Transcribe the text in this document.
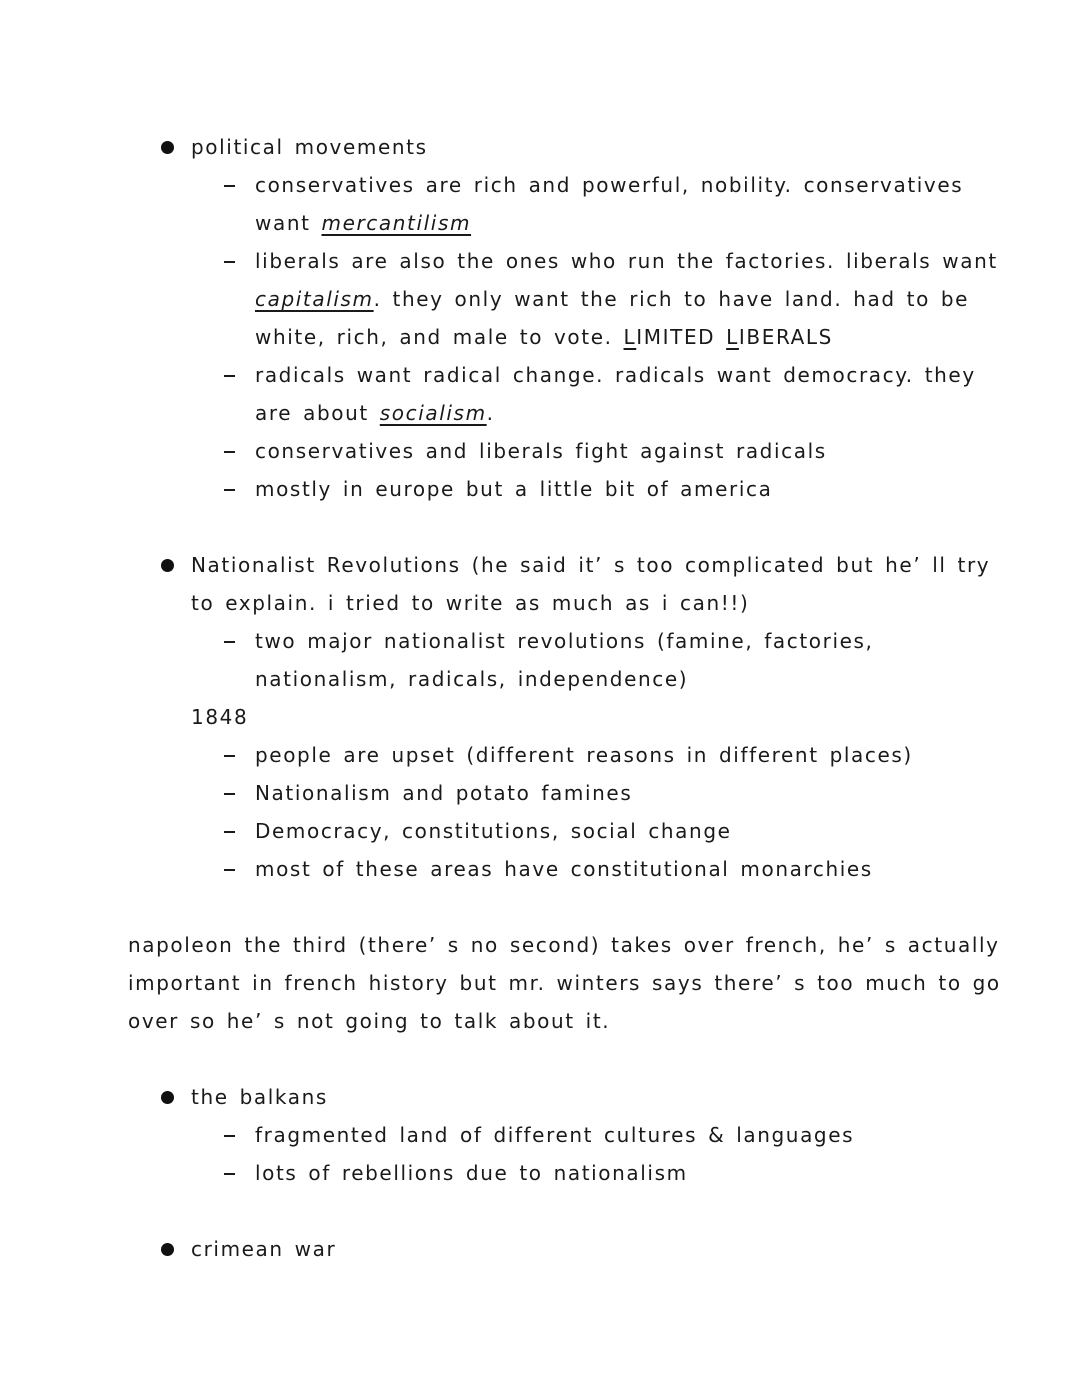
political movements
conservatives are rich and powerful, nobility. conservatives
want mercantilism
liberals are also the ones who run the factories. liberals want
capitalism. they only want the rich to have land. had to be
white, rich, and male to vote. LIMITED LIBERALS
radicals want radical change. radicals want democracy. they
are about socialism.
conservatives and liberals fight against radicals
mostly in europe but a little bit of america
Nationalist Revolutions (he said it’ s too complicated but he’ ll try
to explain. i tried to write as much as i can!!)
two major nationalist revolutions (famine, factories,
nationalism, radicals, independence)
1848
people are upset (different reasons in different places)
Nationalism and potato famines
Democracy, constitutions, social change
most of these areas have constitutional monarchies
napoleon the third (there’ s no second) takes over french, he’ s actually
important in french history but mr. winters says there’ s too much to go
over so he’ s not going to talk about it.
the balkans
fragmented land of different cultures & languages
lots of rebellions due to nationalism
crimean war
